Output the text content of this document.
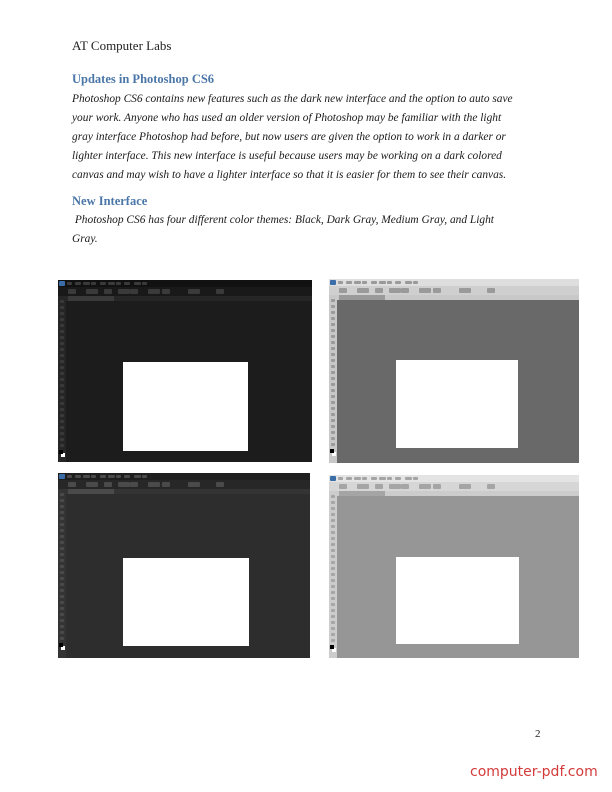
AT Computer Labs
Updates in Photoshop CS6
Photoshop CS6 contains new features such as the dark new interface and the option to auto save
your work. Anyone who has used an older version of Photoshop may be familiar with the light
gray interface Photoshop had before, but now users are given the option to work in a darker or
lighter interface. This new interface is useful because users may be working on a dark colored
canvas and may wish to have a lighter interface so that it is easier for them to see their canvas.
New Interface
Photoshop CS6 has four different color themes: Black, Dark Gray, Medium Gray, and Light
Gray.
2
computer-pdf.com
